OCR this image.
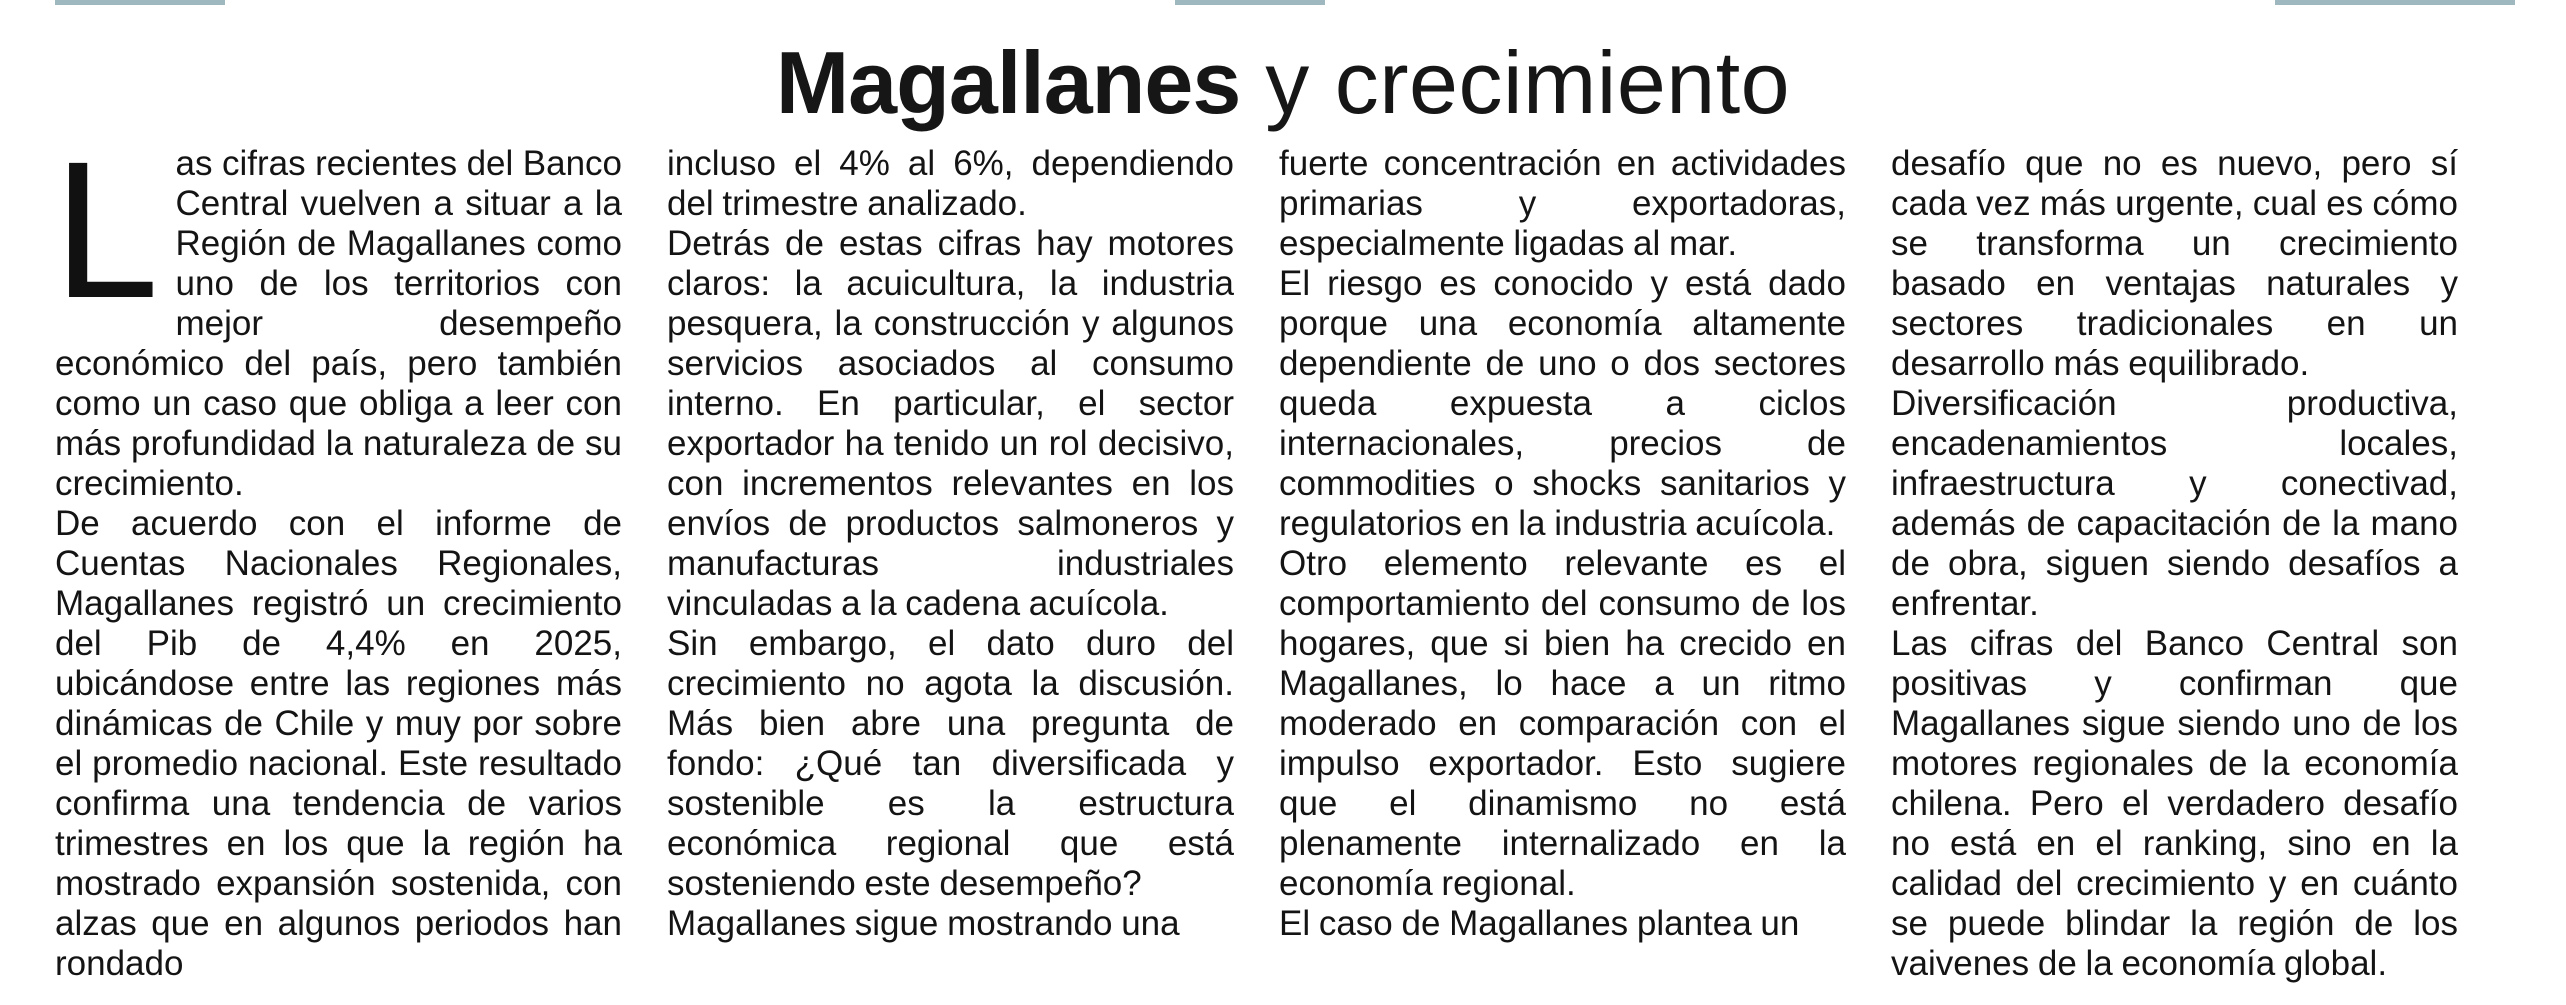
Magallanes y crecimiento

Las cifras recientes del Banco Central vuelven a situar a la Región de Magallanes como uno de los territorios con mejor desempeño económico del país, pero también como un caso que obliga a leer con más profundidad la naturaleza de su crecimiento.

De acuerdo con el informe de Cuentas Nacionales Regionales, Magallanes registró un crecimiento del Pib de 4,4% en 2025, ubicándose entre las regiones más dinámicas de Chile y muy por sobre el promedio nacional. Este resultado confirma una tendencia de varios trimestres en los que la región ha mostrado expansión sostenida, con alzas que en algunos periodos han rondado

incluso el 4% al 6%, dependiendo del trimestre analizado.

Detrás de estas cifras hay motores claros: la acuicultura, la industria pesquera, la construcción y algunos servicios asociados al consumo interno. En particular, el sector exportador ha tenido un rol decisivo, con incrementos relevantes en los envíos de productos salmoneros y manufacturas industriales vinculadas a la cadena acuícola.

Sin embargo, el dato duro del crecimiento no agota la discusión. Más bien abre una pregunta de fondo: ¿Qué tan diversificada y sostenible es la estructura económica regional que está sosteniendo este desempeño?

Magallanes sigue mostrando una

fuerte concentración en actividades primarias y exportadoras, especialmente ligadas al mar.

El riesgo es conocido y está dado porque una economía altamente dependiente de uno o dos sectores queda expuesta a ciclos internacionales, precios de commodities o shocks sanitarios y regulatorios en la industria acuícola.

Otro elemento relevante es el comportamiento del consumo de los hogares, que si bien ha crecido en Magallanes, lo hace a un ritmo moderado en comparación con el impulso exportador. Esto sugiere que el dinamismo no está plenamente internalizado en la economía regional.

El caso de Magallanes plantea un

desafío que no es nuevo, pero sí cada vez más urgente, cual es cómo se transforma un crecimiento basado en ventajas naturales y sectores tradicionales en un desarrollo más equilibrado.

Diversificación productiva, encadenamientos locales, infraestructura y conectivad, además de capacitación de la mano de obra, siguen siendo desafíos a enfrentar.

Las cifras del Banco Central son positivas y confirman que Magallanes sigue siendo uno de los motores regionales de la economía chilena. Pero el verdadero desafío no está en el ranking, sino en la calidad del crecimiento y en cuánto se puede blindar la región de los vaivenes de la economía global.
